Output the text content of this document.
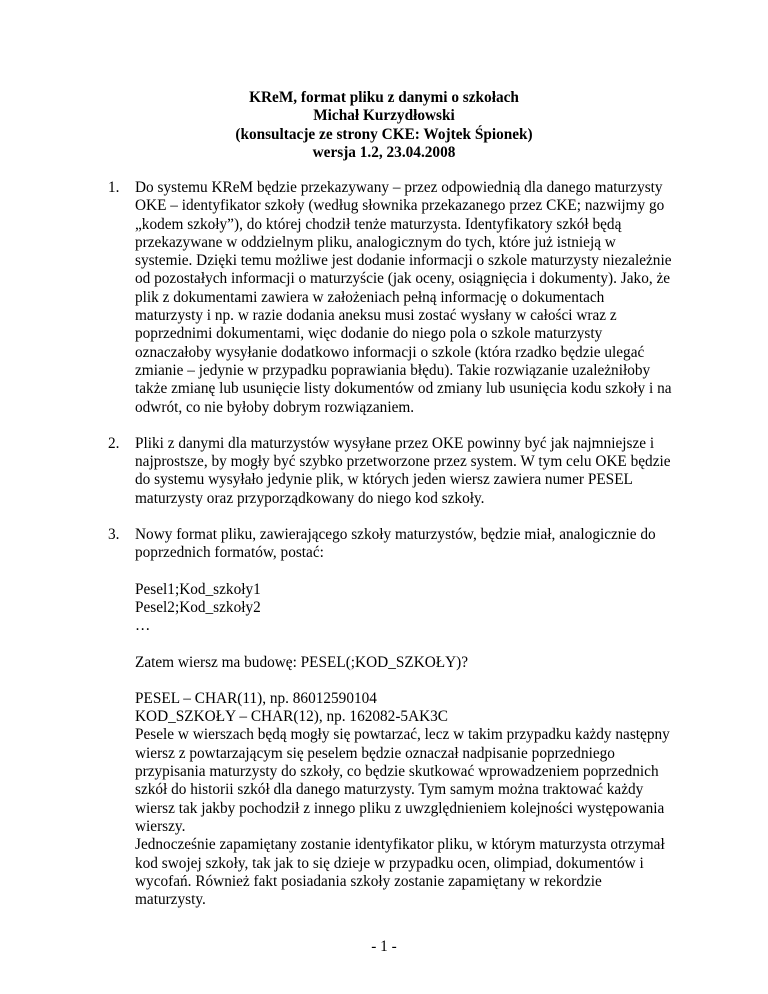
KReM, format pliku z danymi o szkołach
Michał Kurzydłowski
(konsultacje ze strony CKE: Wojtek Śpionek)
wersja 1.2, 23.04.2008
1. Do systemu KReM będzie przekazywany – przez odpowiednią dla danego maturzysty OKE – identyfikator szkoły (według słownika przekazanego przez CKE; nazwijmy go „kodem szkoły”), do której chodził tenże maturzysta. Identyfikatory szkół będą przekazywane w oddzielnym pliku, analogicznym do tych, które już istnieją w systemie. Dzięki temu możliwe jest dodanie informacji o szkole maturzysty niezależnie od pozostałych informacji o maturzyście (jak oceny, osiągnięcia i dokumenty). Jako, że plik z dokumentami zawiera w założeniach pełną informację o dokumentach maturzysty i np. w razie dodania aneksu musi zostać wysłany w całości wraz z poprzednimi dokumentami, więc dodanie do niego pola o szkole maturzysty oznaczałoby wysyłanie dodatkowo informacji o szkole (która rzadko będzie ulegać zmianie – jedynie w przypadku poprawiania błędu). Takie rozwiązanie uzależniłoby także zmianę lub usunięcie listy dokumentów od zmiany lub usunięcia kodu szkoły i na odwrót, co nie byłoby dobrym rozwiązaniem.

2. Pliki z danymi dla maturzystów wysyłane przez OKE powinny być jak najmniejsze i najprostsze, by mogły być szybko przetworzone przez system. W tym celu OKE będzie do systemu wysyłało jedynie plik, w których jeden wiersz zawiera numer PESEL maturzysty oraz przyporządkowany do niego kod szkoły.

3. Nowy format pliku, zawierającego szkoły maturzystów, będzie miał, analogicznie do poprzednich formatów, postać:

Pesel1;Kod_szkoły1
Pesel2;Kod_szkoły2
…
Zatem wiersz ma budowę: PESEL(;KOD_SZKOŁY)?
PESEL – CHAR(11), np. 86012590104
KOD_SZKOŁY – CHAR(12), np. 162082-5AK3C

Pesele w wierszach będą mogły się powtarzać, lecz w takim przypadku każdy następny wiersz z powtarzającym się peselem będzie oznaczał nadpisanie poprzedniego przypisania maturzysty do szkoły, co będzie skutkować wprowadzeniem poprzednich szkół do historii szkół dla danego maturzysty. Tym samym można traktować każdy wiersz tak jakby pochodził z innego pliku z uwzględnieniem kolejności występowania wierszy.

Jednocześnie zapamiętany zostanie identyfikator pliku, w którym maturzysta otrzymał kod swojej szkoły, tak jak to się dzieje w przypadku ocen, olimpiad, dokumentów i wycofań. Również fakt posiadania szkoły zostanie zapamiętany w rekordzie maturzysty.

- 1 -
